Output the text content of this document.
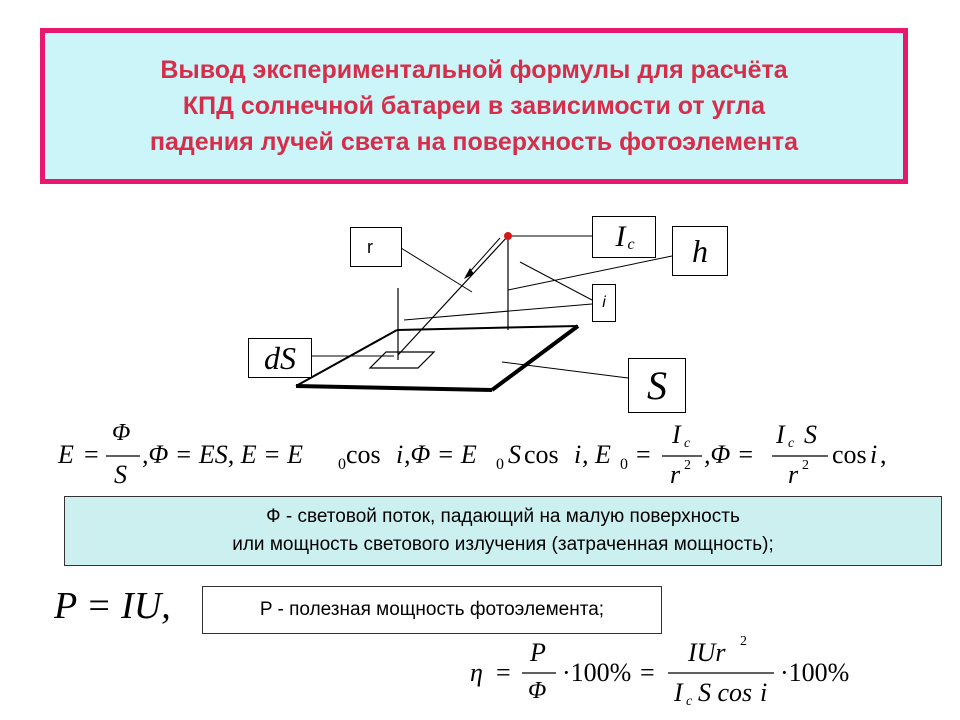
Вывод экспериментальной формулы для расчёта
КПД солнечной батареи в зависимости от угла
падения лучей света на поверхность фотоэлемента
r	I c h
i
dS
S
E =
Φ
S
,Φ = ES, E = E 0 cos i ,Φ = E 0 S cos i , E 0 =
I c
r 2 ,Φ =
I c S
r 2 cos i ,
Ф - световой поток, падающий на малую поверхность
или мощность светового излучения (затраченная мощность);
P = IU,	P - полезная мощность фотоэлемента;
η =
P
Φ
·100% =
IUr 2
I c S cos i
·100%
